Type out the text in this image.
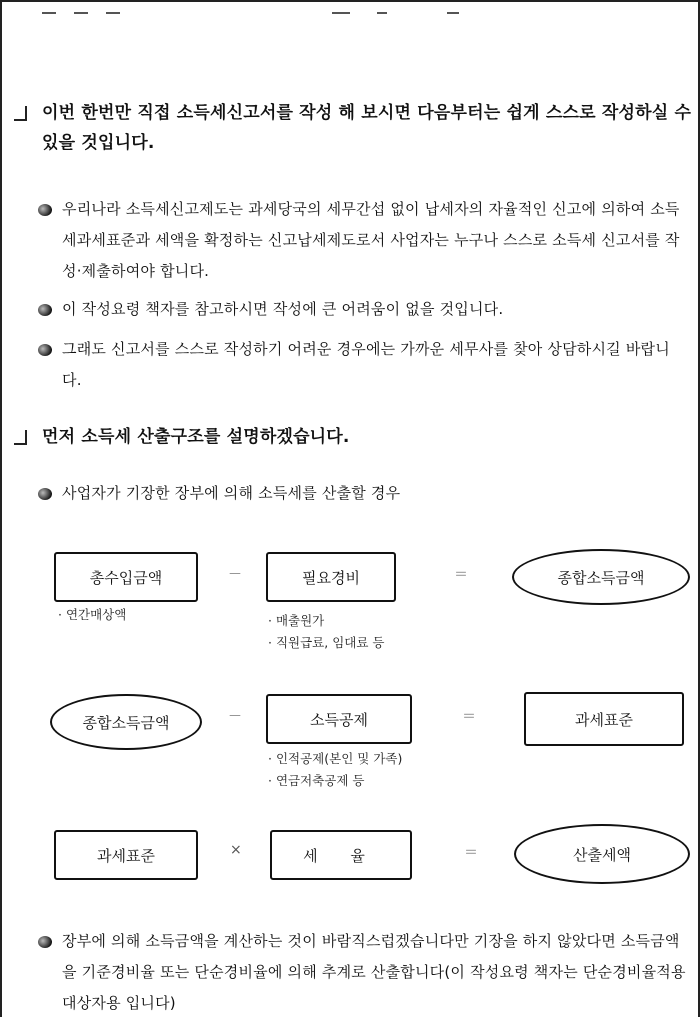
이번 한번만 직접 소득세신고서를 작성 해 보시면 다음부터는 쉽게 스스로 작성하실 수 있을 것입니다.
우리나라 소득세신고제도는 과세당국의 세무간섭 없이 납세자의 자율적인 신고에 의하여 소득세과세표준과 세액을 확정하는 신고납세제도로서 사업자는 누구나 스스로 소득세 신고서를 작성·제출하여야 합니다.
이 작성요령 책자를 참고하시면 작성에 큰 어려움이 없을 것입니다.
그래도 신고서를 스스로 작성하기 어려운 경우에는 가까운 세무사를 찾아 상담하시길 바랍니다.
먼저 소득세 산출구조를 설명하겠습니다.
사업자가 기장한 장부에 의해 소득세를 산출할 경우
총수입금액	－	필요경비	＝	종합소득금액
· 연간매상액	· 매출원가
· 직원급료, 임대료 등
종합소득금액	－	소득공제	＝	과세표준
· 인적공제(본인 및 가족)
· 연금저축공제 등
과세표준	×	세 율	＝	산출세액
장부에 의해 소득금액을 계산하는 것이 바람직스럽겠습니다만 기장을 하지 않았다면 소득금액을 기준경비율 또는 단순경비율에 의해 추계로 산출합니다(이 작성요령 책자는 단순경비율적용대상자용 입니다)
